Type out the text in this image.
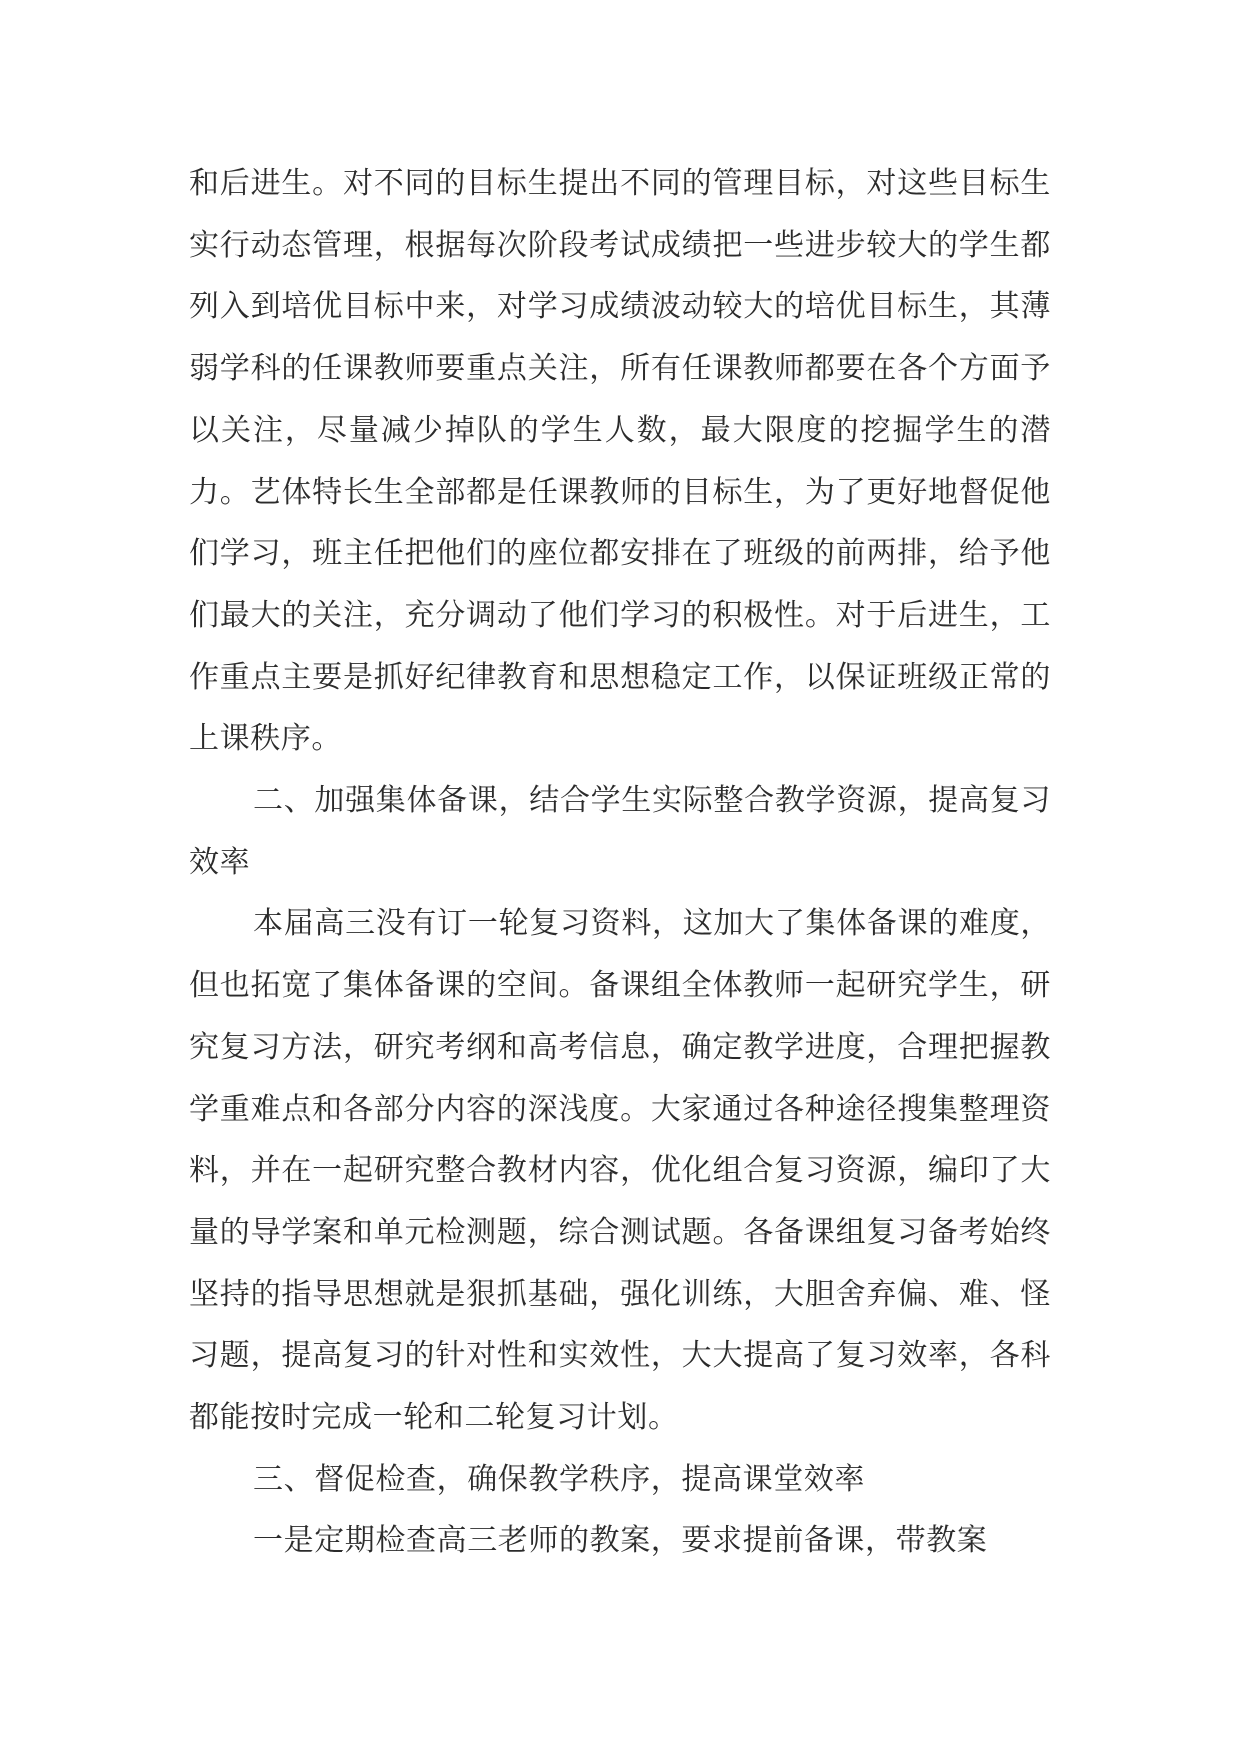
和后进生。对不同的目标生提出不同的管理目标，对这些目标生实行动态管理，根据每次阶段考试成绩把一些进步较大的学生都列入到培优目标中来，对学习成绩波动较大的培优目标生，其薄弱学科的任课教师要重点关注，所有任课教师都要在各个方面予以关注，尽量减少掉队的学生人数，最大限度的挖掘学生的潜力。艺体特长生全部都是任课教师的目标生，为了更好地督促他们学习，班主任把他们的座位都安排在了班级的前两排，给予他们最大的关注，充分调动了他们学习的积极性。对于后进生，工作重点主要是抓好纪律教育和思想稳定工作，以保证班级正常的上课秩序。

二、加强集体备课，结合学生实际整合教学资源，提高复习效率

本届高三没有订一轮复习资料，这加大了集体备课的难度，但也拓宽了集体备课的空间。备课组全体教师一起研究学生，研究复习方法，研究考纲和高考信息，确定教学进度，合理把握教学重难点和各部分内容的深浅度。大家通过各种途径搜集整理资料，并在一起研究整合教材内容，优化组合复习资源，编印了大量的导学案和单元检测题，综合测试题。各备课组复习备考始终坚持的指导思想就是狠抓基础，强化训练，大胆舍弃偏、难、怪习题，提高复习的针对性和实效性，大大提高了复习效率，各科都能按时完成一轮和二轮复习计划。

三、督促检查，确保教学秩序，提高课堂效率

一是定期检查高三老师的教案，要求提前备课，带教案
